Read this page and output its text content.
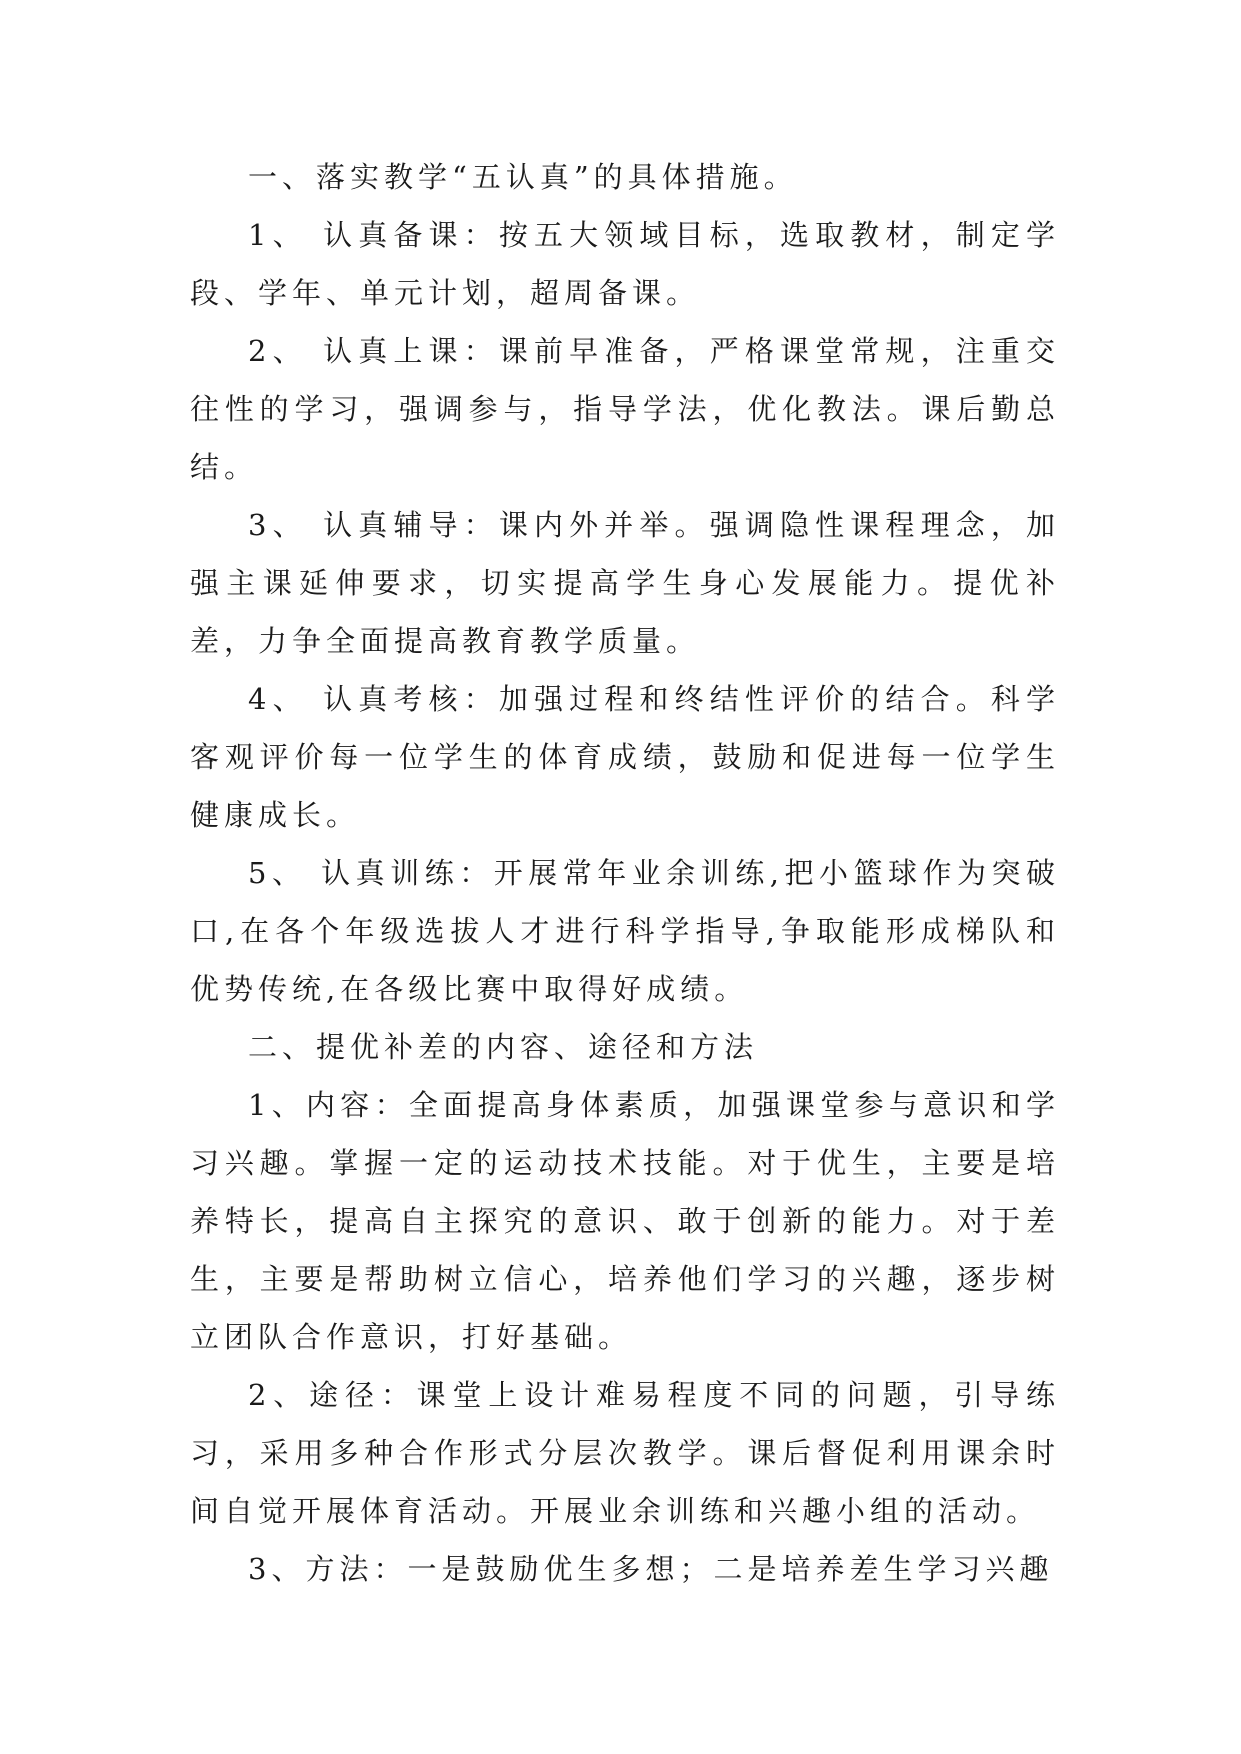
一、落实教学“五认真”的具体措施。

1、 认真备课：按五大领域目标，选取教材，制定学段、学年、单元计划，超周备课。

2、 认真上课：课前早准备，严格课堂常规，注重交往性的学习，强调参与，指导学法，优化教法。课后勤总结。

3、 认真辅导：课内外并举。强调隐性课程理念，加强主课延伸要求，切实提高学生身心发展能力。提优补差，力争全面提高教育教学质量。

4、 认真考核：加强过程和终结性评价的结合。科学客观评价每一位学生的体育成绩，鼓励和促进每一位学生健康成长。

5、 认真训练：开展常年业余训练,把小篮球作为突破口,在各个年级选拔人才进行科学指导,争取能形成梯队和优势传统,在各级比赛中取得好成绩。

二、提优补差的内容、途径和方法

1、内容：全面提高身体素质，加强课堂参与意识和学习兴趣。掌握一定的运动技术技能。对于优生，主要是培养特长，提高自主探究的意识、敢于创新的能力。对于差生，主要是帮助树立信心，培养他们学习的兴趣，逐步树立团队合作意识，打好基础。

2、途径：课堂上设计难易程度不同的问题，引导练习，采用多种合作形式分层次教学。课后督促利用课余时间自觉开展体育活动。开展业余训练和兴趣小组的活动。

3、方法：一是鼓励优生多想；二是培养差生学习兴趣
